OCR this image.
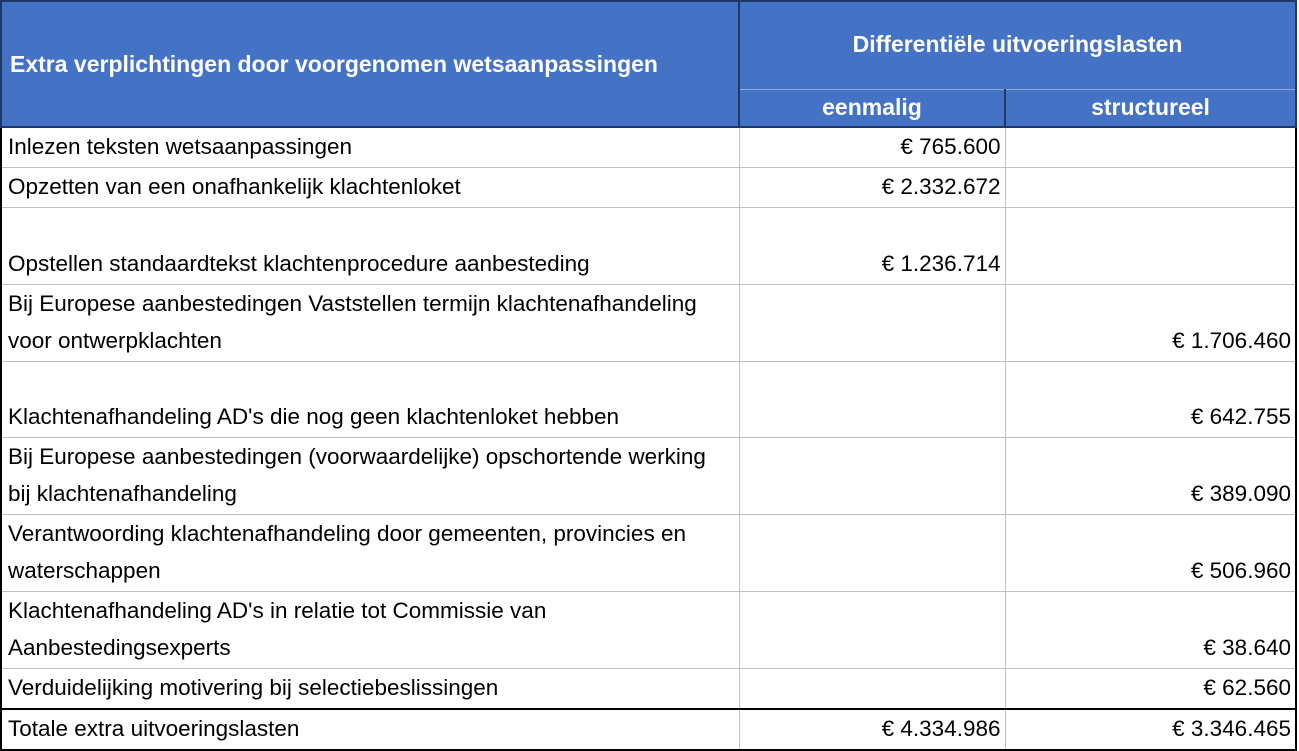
Extra verplichtingen door voorgenomen wetsaanpassingen	Differentiële uitvoeringslasten	
	eenmalig	structureel
Inlezen teksten wetsaanpassingen	€ 765.600	
Opzetten van een onafhankelijk klachtenloket	€ 2.332.672	
Opstellen standaardtekst klachtenprocedure aanbesteding	€ 1.236.714	
Bij Europese aanbestedingen Vaststellen termijn klachtenafhandeling voor ontwerpklachten		€ 1.706.460
Klachtenafhandeling AD's die nog geen klachtenloket hebben		€ 642.755
Bij Europese aanbestedingen (voorwaardelijke) opschortende werking bij klachtenafhandeling		€ 389.090
Verantwoording klachtenafhandeling door gemeenten, provincies en waterschappen		€ 506.960
Klachtenafhandeling AD's in relatie tot Commissie van Aanbestedingsexperts		€ 38.640
Verduidelijking motivering bij selectiebeslissingen		€ 62.560
Totale extra uitvoeringslasten	€ 4.334.986	€ 3.346.465
